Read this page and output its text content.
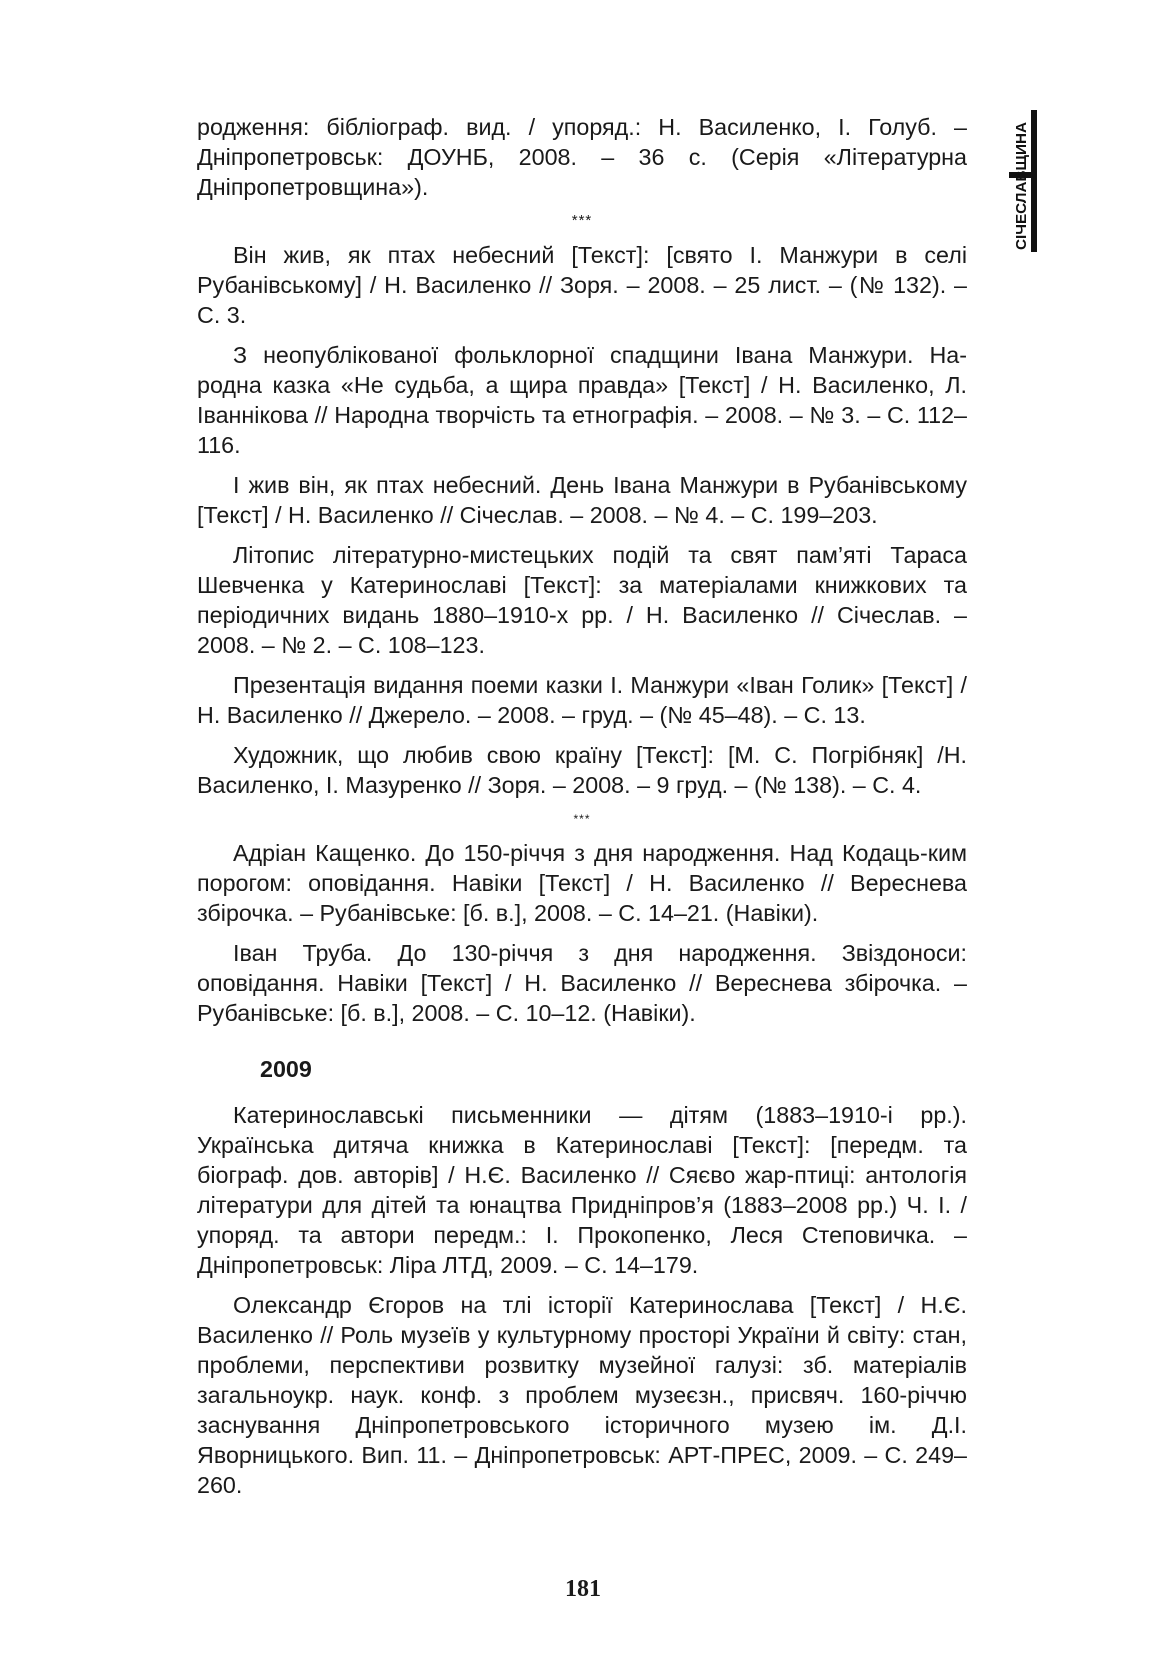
СІЧЕСЛАВЩИНА

родження: бібліограф. вид. / упоряд.: Н. Василенко, І. Голуб. – Дніпропетровськ: ДОУНБ, 2008. – 36 с. (Серія «Літературна Дніпропетровщина»).

***

Він жив, як птах небесний [Текст]: [свято І. Манжури в селі Рубанівському] / Н. Василенко // Зоря. – 2008. – 25 лист. – (№ 132). – С. 3.

З неопублікованої фольклорної спадщини Івана Манжури. На-родна казка «Не судьба, а щира правда» [Текст] / Н. Василенко, Л. Іваннікова // Народна творчість та етнографія. – 2008. – № 3. – С. 112–116.

І жив він, як птах небесний. День Івана Манжури в Рубанівському [Текст] / Н. Василенко // Січеслав. – 2008. – № 4. – С. 199–203.

Літопис літературно-мистецьких подій та свят пам’яті Тараса Шевченка у Катеринославі [Текст]: за матеріалами книжкових та періодичних видань 1880–1910-х рр. / Н. Василенко // Січеслав. – 2008. – № 2. – С. 108–123.

Презентація видання поеми казки І. Манжури «Іван Голик» [Текст] / Н. Василенко // Джерело. – 2008. – груд. – (№ 45–48). – С. 13.

Художник, що любив свою країну [Текст]: [М. С. Погрібняк] /Н. Василенко, І. Мазуренко // Зоря. – 2008. – 9 груд. – (№ 138). – С. 4.

***

Адріан Кащенко. До 150-річчя з дня народження. Над Кодаць-ким порогом: оповідання. Навіки [Текст] / Н. Василенко // Вереснева збірочка. – Рубанівське: [б. в.], 2008. – С. 14–21. (Навіки).

Іван Труба. До 130-річчя з дня народження. Звіздоноси: оповідання. Навіки [Текст] / Н. Василенко // Вереснева збірочка. – Рубанівське: [б. в.], 2008. – С. 10–12. (Навіки).

2009

Катеринославські письменники — дітям (1883–1910-і рр.). Українська дитяча книжка в Катеринославі [Текст]: [передм. та біограф. дов. авторів] / Н.Є. Василенко // Сяєво жар-птиці: антологія літератури для дітей та юнацтва Придніпров’я (1883–2008 рр.) Ч. І. / упоряд. та автори передм.: І. Прокопенко, Леся Степовичка. – Дніпропетровськ: Ліра ЛТД, 2009. – С. 14–179.

Олександр Єгоров на тлі історії Катеринослава [Текст] / Н.Є. Василенко // Роль музеїв у культурному просторі України й світу: стан, проблеми, перспективи розвитку музейної галузі: зб. матеріалів загальноукр. наук. конф. з проблем музеєзн., присвяч. 160-річчю заснування Дніпропетровського історичного музею ім. Д.І. Яворницького. Вип. 11. – Дніпропетровськ: АРТ-ПРЕС, 2009. – С. 249–260.

181
